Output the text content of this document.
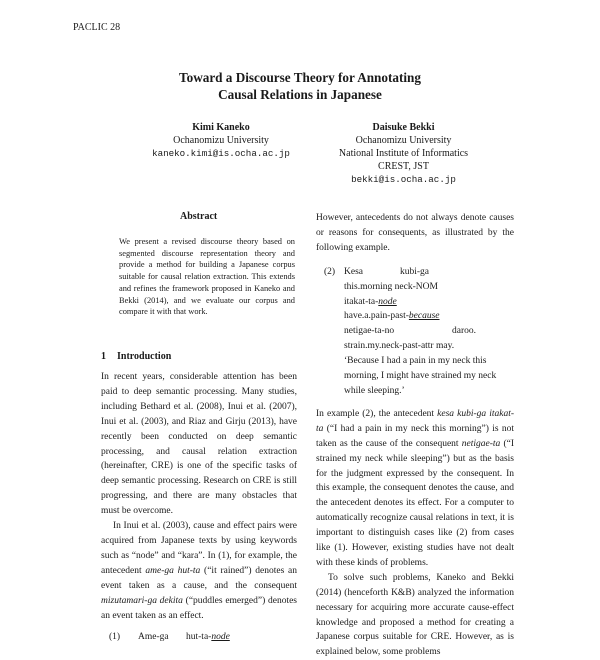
PACLIC 28
Toward a Discourse Theory for Annotating
Causal Relations in Japanese
Kimi Kaneko
Ochanomizu University
kaneko.kimi@is.ocha.ac.jp
Daisuke Bekki
Ochanomizu University
National Institute of Informatics
CREST, JST
bekki@is.ocha.ac.jp
Abstract
We present a revised discourse theory based on segmented discourse representation theory and provide a method for building a Japanese corpus suitable for causal relation extraction. This extends and refines the framework proposed in Kaneko and Bekki (2014), and we evaluate our corpus and compare it with that work.
1 Introduction

In recent years, considerable attention has been paid to deep semantic processing. Many studies, including Bethard et al. (2008), Inui et al. (2007), Inui et al. (2003), and Riaz and Girju (2013), have recently been conducted on deep semantic processing, and causal relation extraction (hereinafter, CRE) is one of the specific tasks of deep semantic processing. Research on CRE is still progressing, and there are many obstacles that must be overcome.

In Inui et al. (2003), cause and effect pairs were acquired from Japanese texts by using keywords such as “node” and “kara”. In (1), for example, the antecedent ame-ga hut-ta (“it rained”) denotes an event taken as a cause, and the consequent mizutamari-ga dekita (“puddles emerged”) denotes an event taken as an effect.

(1) Ame-ga	hut-ta- node

However, antecedents do not always denote causes or reasons for consequents, as illustrated by the following example.

(2) Kesa	kubi-ga
this.morning neck-NOM
itakat-ta-node
have.a.pain-past-because
netigae-ta-no	daroo.
strain.my.neck-past-attr may.
‘Because I had a pain in my neck this morning, I might have strained my neck while sleeping.’

In example (2), the antecedent kesa kubi-ga itakat-ta (“I had a pain in my neck this morning”) is not taken as the cause of the consequent netigae-ta (“I strained my neck while sleeping”) but as the basis for the judgment expressed by the consequent. In this example, the consequent denotes the cause, and the antecedent denotes its effect. For a computer to automatically recognize causal relations in text, it is important to distinguish cases like (2) from cases like (1). However, existing studies have not dealt with these kinds of problems.

To solve such problems, Kaneko and Bekki (2014) (henceforth K&B) analyzed the information necessary for acquiring more accurate cause-effect knowledge and proposed a method for creating a Japanese corpus suitable for CRE. However, as is explained below, some problems
